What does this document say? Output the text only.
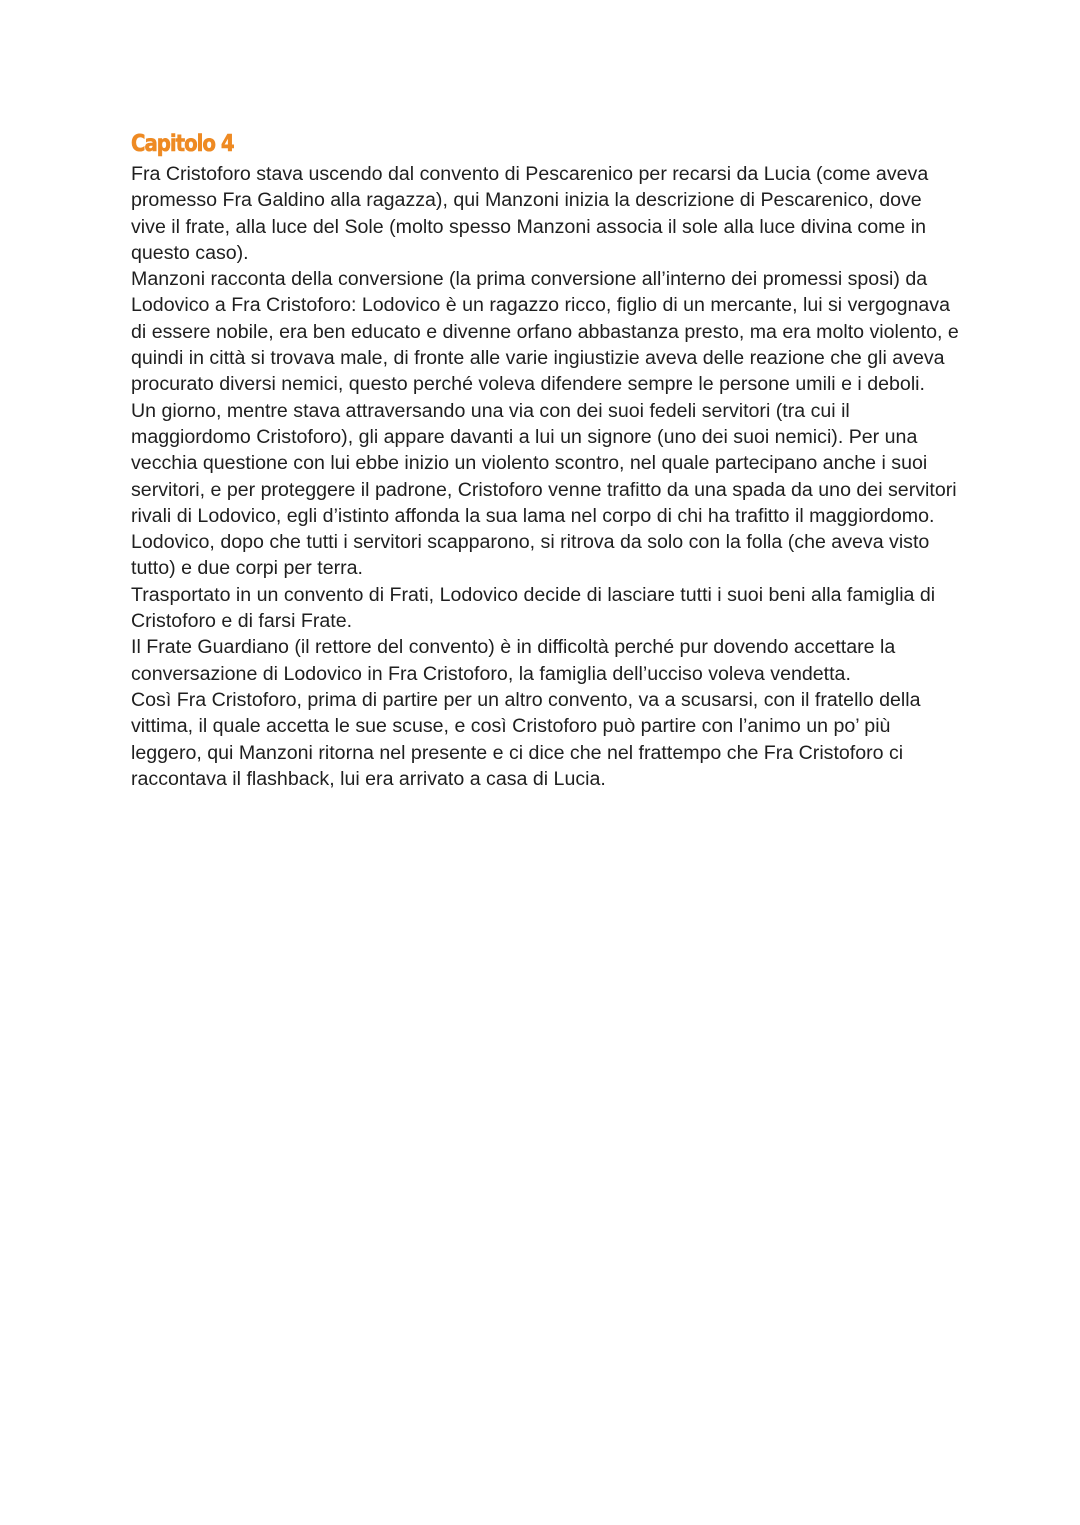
Capitolo 4

Fra Cristoforo stava uscendo dal convento di Pescarenico per recarsi da Lucia (come aveva promesso Fra Galdino alla ragazza), qui Manzoni inizia la descrizione di Pescarenico, dove vive il frate, alla luce del Sole (molto spesso Manzoni associa il sole alla luce divina come in questo caso).

Manzoni racconta della conversione (la prima conversione all’interno dei promessi sposi) da Lodovico a Fra Cristoforo: Lodovico è un ragazzo ricco, figlio di un mercante, lui si vergognava di essere nobile, era ben educato e divenne orfano abbastanza presto, ma era molto violento, e quindi in città si trovava male, di fronte alle varie ingiustizie aveva delle reazione che gli aveva procurato diversi nemici, questo perché voleva difendere sempre le persone umili e i deboli.

Un giorno, mentre stava attraversando una via con dei suoi fedeli servitori (tra cui il maggiordomo Cristoforo), gli appare davanti a lui un signore (uno dei suoi nemici). Per una vecchia questione con lui ebbe inizio un violento scontro, nel quale partecipano anche i suoi servitori, e per proteggere il padrone, Cristoforo venne trafitto da una spada da uno dei servitori rivali di Lodovico, egli d’istinto affonda la sua lama nel corpo di chi ha trafitto il maggiordomo. Lodovico, dopo che tutti i servitori scapparono, si ritrova da solo con la folla (che aveva visto tutto) e due corpi per terra.

Trasportato in un convento di Frati, Lodovico decide di lasciare tutti i suoi beni alla famiglia di Cristoforo e di farsi Frate.

Il Frate Guardiano (il rettore del convento) è in difficoltà perché pur dovendo accettare la conversazione di Lodovico in Fra Cristoforo, la famiglia dell’ucciso voleva vendetta.

Così Fra Cristoforo, prima di partire per un altro convento, va a scusarsi, con il fratello della vittima, il quale accetta le sue scuse, e così Cristoforo può partire con l’animo un po’ più leggero, qui Manzoni ritorna nel presente e ci dice che nel frattempo che Fra Cristoforo ci raccontava il flashback, lui era arrivato a casa di Lucia.
